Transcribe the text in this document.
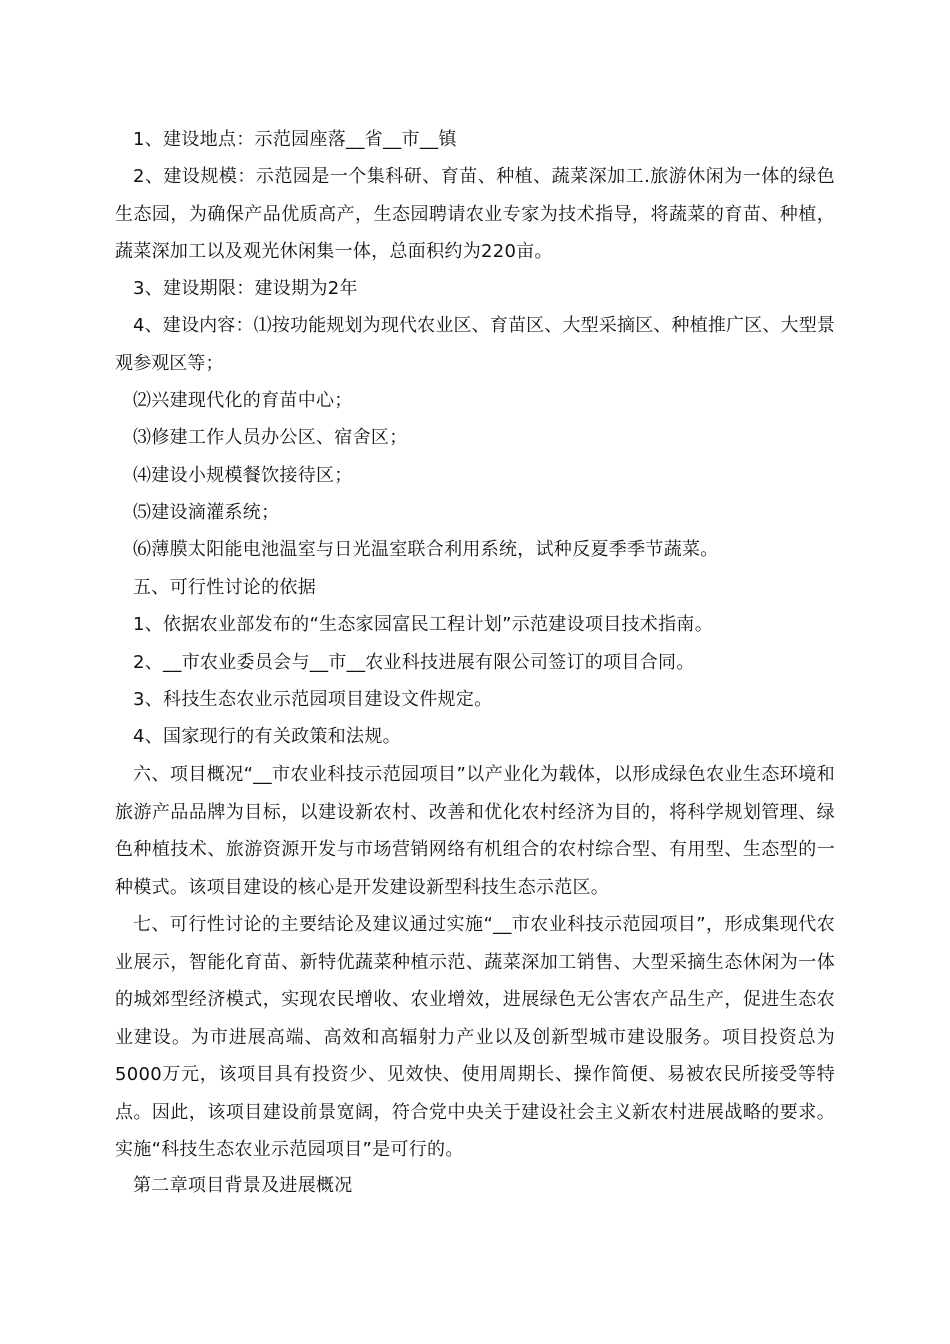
1、建设地点：示范园座落__省__市__镇

2、建设规模：示范园是一个集科研、育苗、种植、蔬菜深加工.旅游休闲为一体的绿色生态园，为确保产品优质高产，生态园聘请农业专家为技术指导，将蔬菜的育苗、种植，蔬菜深加工以及观光休闲集一体，总面积约为220亩。

3、建设期限：建设期为2年

4、建设内容：⑴按功能规划为现代农业区、育苗区、大型采摘区、种植推广区、大型景观参观区等；

⑵兴建现代化的育苗中心；

⑶修建工作人员办公区、宿舍区；

⑷建设小规模餐饮接待区；

⑸建设滴灌系统；

⑹薄膜太阳能电池温室与日光温室联合利用系统，试种反夏季季节蔬菜。

五、可行性讨论的依据

1、依据农业部发布的“生态家园富民工程计划”示范建设项目技术指南。

2、__市农业委员会与__市__农业科技进展有限公司签订的项目合同。

3、科技生态农业示范园项目建设文件规定。

4、国家现行的有关政策和法规。

六、项目概况“__市农业科技示范园项目”以产业化为载体，以形成绿色农业生态环境和旅游产品品牌为目标，以建设新农村、改善和优化农村经济为目的，将科学规划管理、绿色种植技术、旅游资源开发与市场营销网络有机组合的农村综合型、有用型、生态型的一种模式。该项目建设的核心是开发建设新型科技生态示范区。

七、可行性讨论的主要结论及建议通过实施“__市农业科技示范园项目”，形成集现代农业展示，智能化育苗、新特优蔬菜种植示范、蔬菜深加工销售、大型采摘生态休闲为一体的城郊型经济模式，实现农民增收、农业增效，进展绿色无公害农产品生产，促进生态农业建设。为市进展高端、高效和高辐射力产业以及创新型城市建设服务。项目投资总为5000万元，该项目具有投资少、见效快、使用周期长、操作简便、易被农民所接受等特点。因此，该项目建设前景宽阔，符合党中央关于建设社会主义新农村进展战略的要求。实施“科技生态农业示范园项目”是可行的。

第二章项目背景及进展概况
